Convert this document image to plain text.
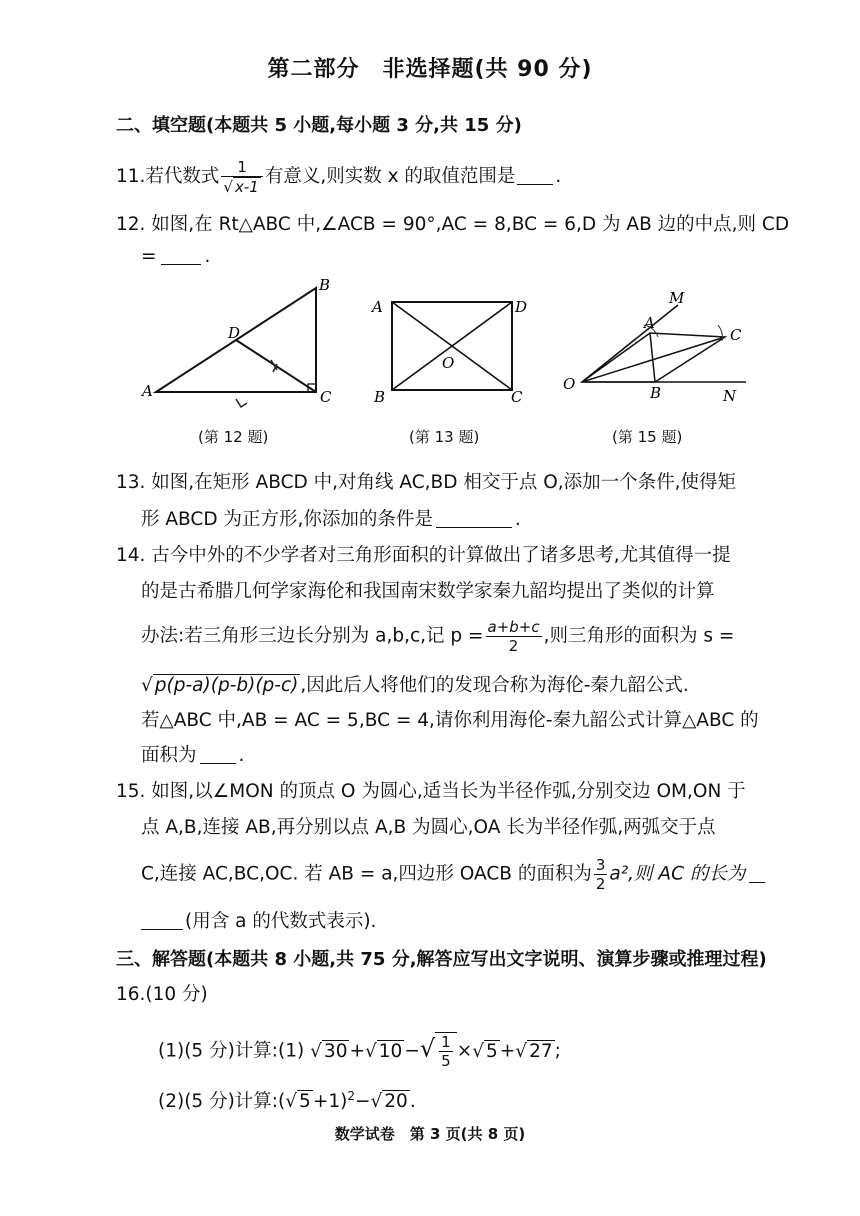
第二部分　非选择题(共 90 分)
二、填空题(本题共 5 小题,每小题 3 分,共 15 分)
11.若代数式 $\frac{1}{√ x-1}$ 有意义,则实数 x 的取值范围是 .
12. 如图,在 Rt△ABC 中,∠ACB = 90°,AC = 8,BC = 6,D 为 AB 边的中点,则 CD
=	.
B
D
A	C
A	D
O
B	C
M
A
C
O	B	N
(第 12 题)	(第 13 题)	(第 15 题)
13. 如图,在矩形 ABCD 中,对角线 AC,BD 相交于点 O,添加一个条件,使得矩
形 ABCD 为正方形,你添加的条件是	.
14. 古今中外的不少学者对三角形面积的计算做出了诸多思考,尤其值得一提
的是古希腊几何学家海伦和我国南宋数学家秦九韶均提出了类似的计算
办法:若三角形三边长分别为 a,b,c,记 $p = \frac{a+b+c}{2}$ ,则三角形的面积为 s =
√ p(p-a)(p-b)(p-c) ,因此后人将他们的发现合称为海伦-秦九韶公式.
若△ABC 中,AB = AC = 5,BC = 4,请你利用海伦-秦九韶公式计算△ABC 的
面积为 .
15. 如图,以∠MON 的顶点 O 为圆心,适当长为半径作弧,分别交边 OM,ON 于
点 A,B,连接 AB,再分别以点 A,B 为圆心,OA 长为半径作弧,两弧交于点
C,连接 AC,BC,OC. 若 AB = a,四边形 OACB 的面积为 $\frac{3}{2} a^2$,则 AC 的长为
(用含 a 的代数式表示).
三、解答题(本题共 8 小题,共 75 分,解答应写出文字说明、演算步骤或推理过程)
16.(10 分)
(1)(5 分)计算:(1) √ 30 +√ 10 −√ $\frac{1}{5}$ ×√ 5 +√ 27 ;
(2)(5 分)计算:(√ 5 +1)$^2$−√ 20 .
数学试卷　第 3 页(共 8 页)
